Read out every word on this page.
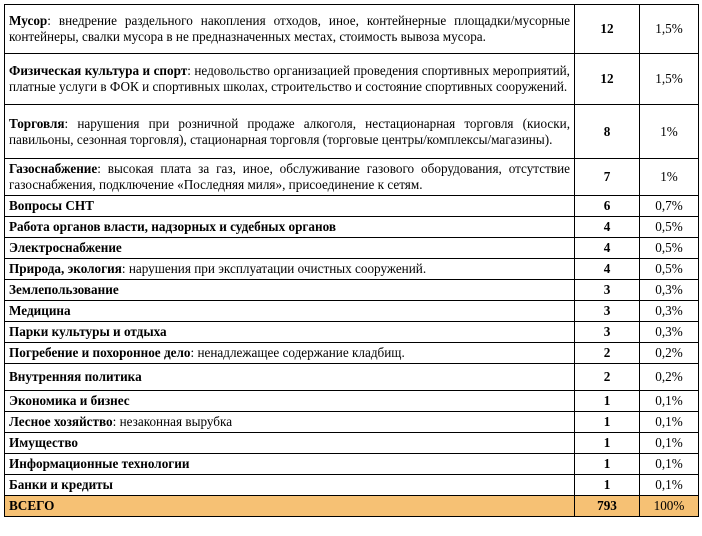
Мусор: внедрение раздельного накопления отходов, иное, контейнерные площадки/мусорные контейнеры, свалки мусора в не предназначенных местах, стоимость вывоза мусора.	12	1,5%
Физическая культура и спорт: недовольство организацией проведения спортивных мероприятий, платные услуги в ФОК и спортивных школах, строительство и состояние спортивных сооружений.	12	1,5%
Торговля: нарушения при розничной продаже алкоголя, нестационарная торговля (киоски, павильоны, сезонная торговля), стационарная торговля (торговые центры/комплексы/магазины).	8	1%
Газоснабжение: высокая плата за газ, иное, обслуживание газового оборудования, отсутствие газоснабжения, подключение «Последняя миля», присоединение к сетям.	7	1%
Вопросы СНТ	6	0,7%
Работа органов власти, надзорных и судебных органов	4	0,5%
Электроснабжение	4	0,5%
Природа, экология: нарушения при эксплуатации очистных сооружений.	4	0,5%
Землепользование	3	0,3%
Медицина	3	0,3%
Парки культуры и отдыха	3	0,3%
Погребение и похоронное дело: ненадлежащее содержание кладбищ.	2	0,2%
Внутренняя политика	2	0,2%
Экономика и бизнес	1	0,1%
Лесное хозяйство: незаконная вырубка	1	0,1%
Имущество	1	0,1%
Информационные технологии	1	0,1%
Банки и кредиты	1	0,1%
ВСЕГО	793	100%
